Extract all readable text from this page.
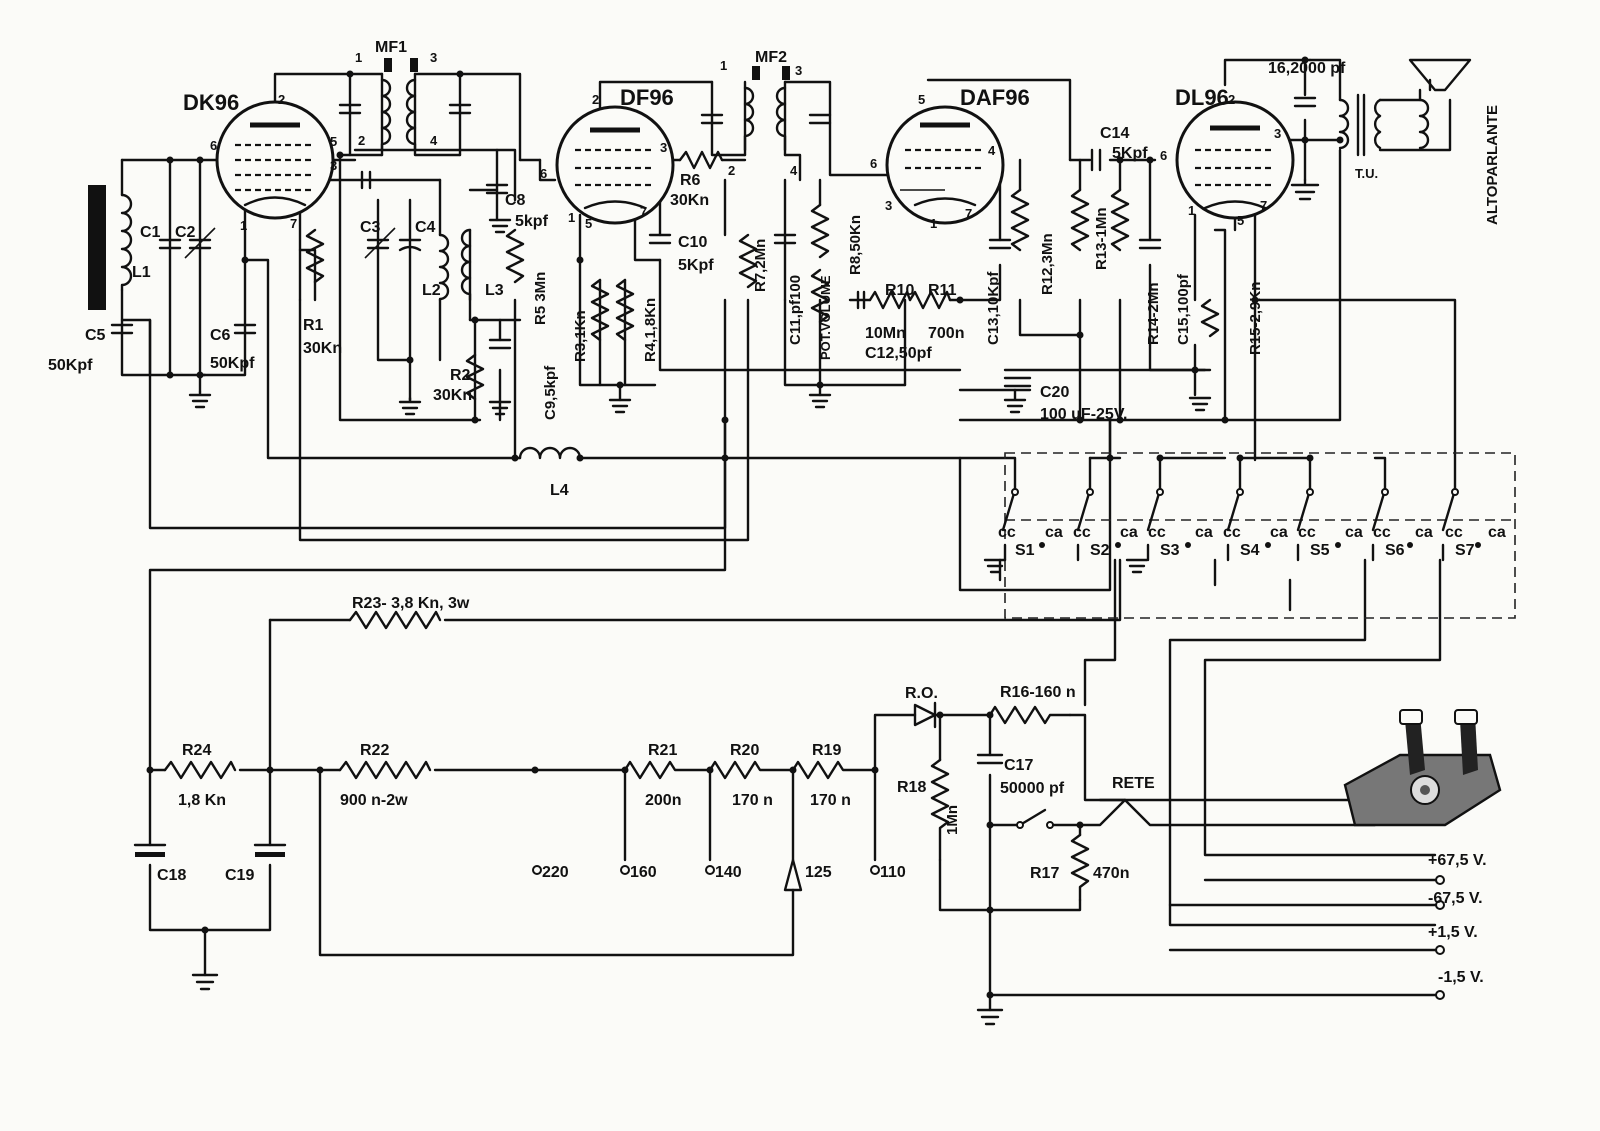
DK96	DF96	DAF96	DL96
2
6	5
3
1	7
2
6
3
1 5
7
5
6
4
3
1
7
2
3
6
1
5
7
MF1
MF2
T.U.
1
2
3
4
1
2
3
4	ALTOPARLANTE
C1 C2
L1
C5
50Kpf
C6
50Kpf
C3 C4
L2	L3
L4
R1
30Kn
R2
30Kn
C8
5kpf
R5 3Mn
C9,5kpf
R3,1Kn	R4,1,8Kn
R6
30Kn
C10
5Kpf	R7,2Mn
C11,pf100 POT.VOLUME
R8,50Kn
R10
10Mn
R11
700n
C12,50pf
C13,10Kpf
R12,3Mn R13-1Mn
C14
5Kpf
R14-2Mn C15,100pf	R15-2,9Kn
16,2000 pf
C20
100 uF-25V.
R23- 3,8 Kn, 3w
R24
1,8 Kn
R22
900 n-2w
R21
200n
R20
170 n
R19
170 n
C18 C19
R.O.	R16-160 n
R18
1Mn
C17
50000 pf
R17 470n
RETE
220	160	140	125	110
cc ca cc ca cc ca cc ca cc ca cc ca cc ca
S1	S2	S3	S4	S5	S6	S7
+67,5 V.
-67,5 V.
+1,5 V.
-1,5 V.
